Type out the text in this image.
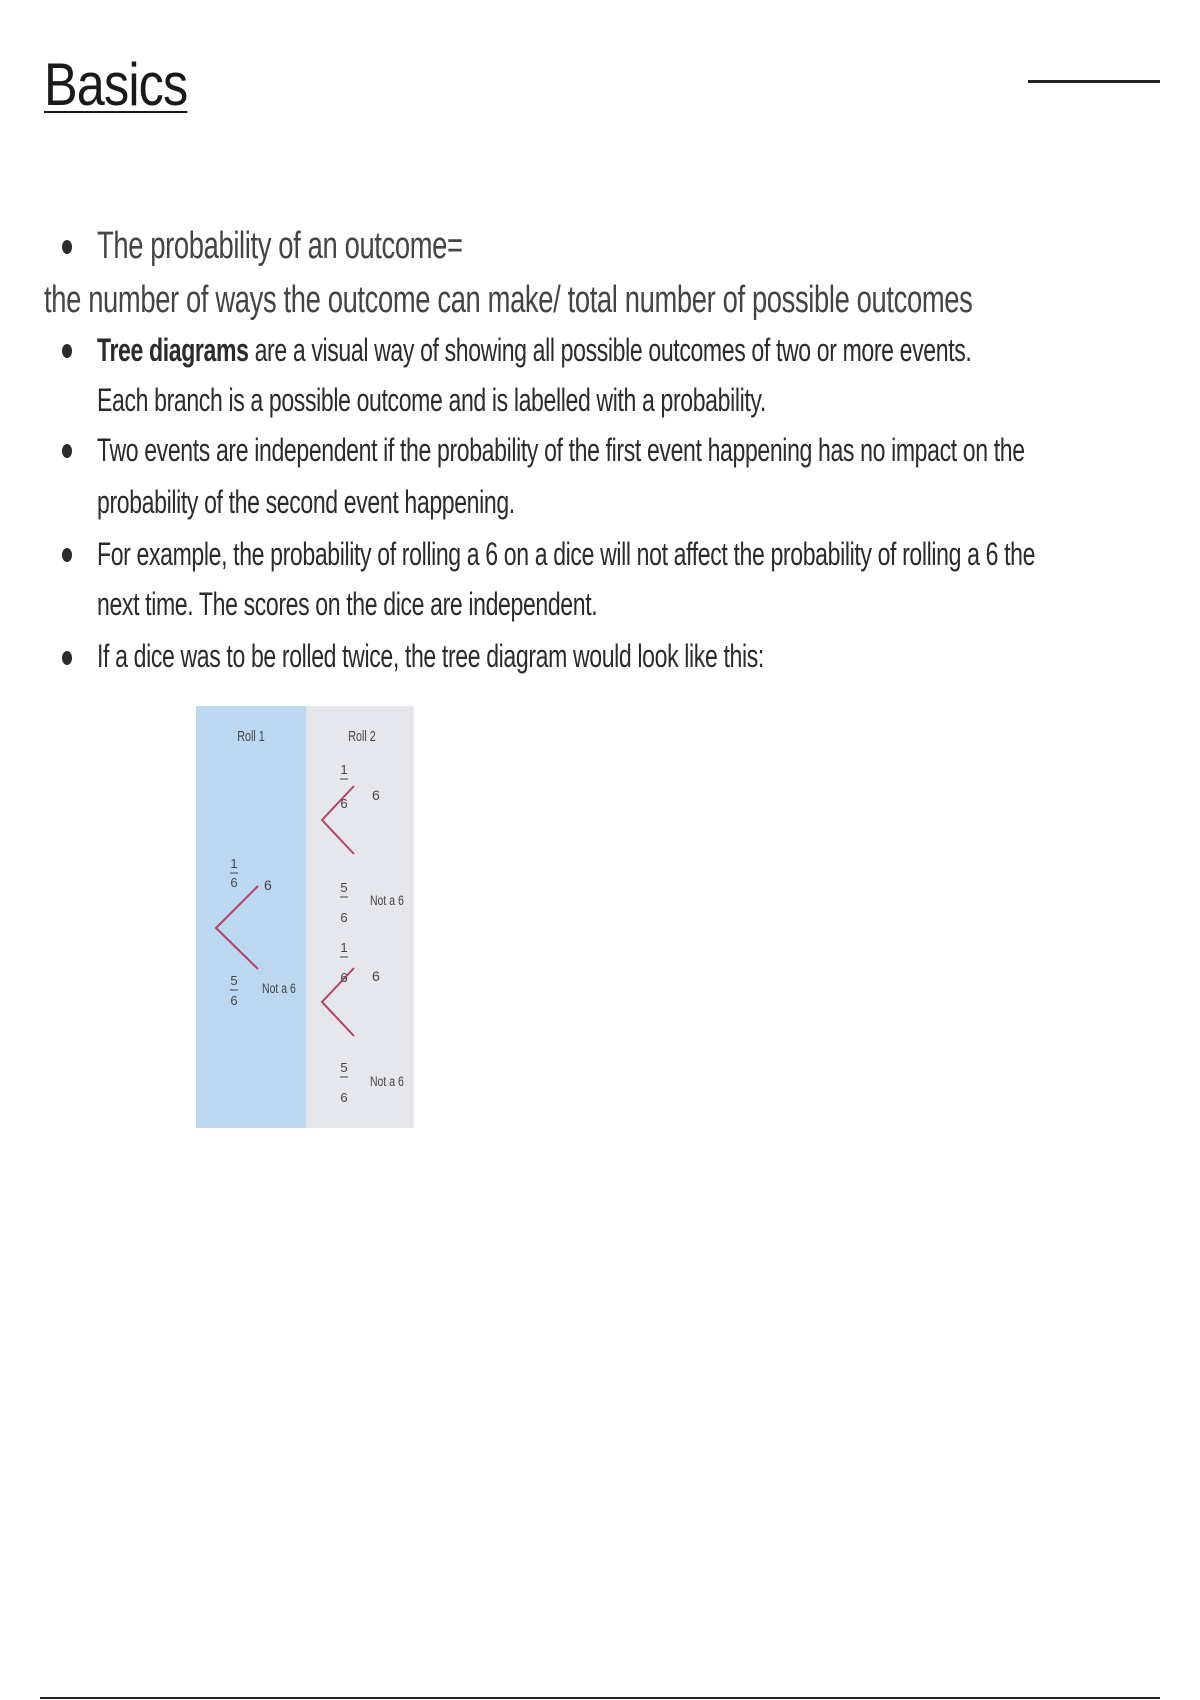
Basics
The probability of an outcome=
the number of ways the outcome can make/ total number of possible outcomes
Tree diagrams are a visual way of showing all possible outcomes of two or more events.
Each branch is a possible outcome and is labelled with a probability.
Two events are independent if the probability of the first event happening has no impact on the
probability of the second event happening.
For example, the probability of rolling a 6 on a dice will not affect the probability of rolling a 6 the
next time. The scores on the dice are independent.
If a dice was to be rolled twice, the tree diagram would look like this:
Roll 1	Roll 2
1
6 6
5
6
Not a 6
1
6
6
5
6
Not a 6
1
6 6
5
6
Not a 6
